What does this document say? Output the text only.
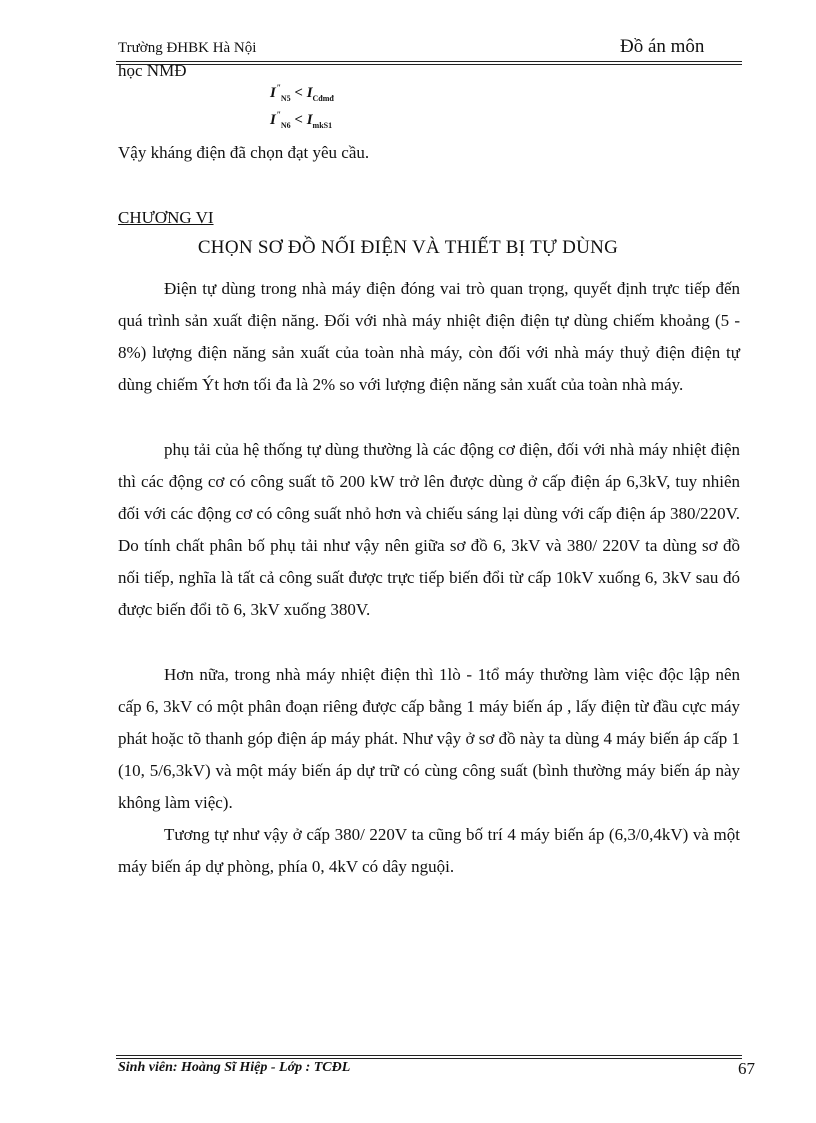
Trường ĐHBK Hà Nội	Đồ án môn
học NMĐ
$I^"_{N5} < I_{Cđmđ}$
$I^"_{N6} < I_{mkS1}$
Vậy kháng điện đã chọn đạt yêu cầu.
CHƯƠNG VI
CHỌN SƠ ĐỒ NỐI ĐIỆN VÀ THIẾT BỊ TỰ DÙNG

Điện tự dùng trong nhà máy điện đóng vai trò quan trọng, quyết định trực tiếp đến quá trình sản xuất điện năng. Đối với nhà máy nhiệt điện điện tự dùng chiếm khoảng (5 - 8%) lượng điện năng sản xuất của toàn nhà máy, còn đối với nhà máy thuỷ điện điện tự dùng chiếm Ýt hơn tối đa là 2% so với lượng điện năng sản xuất của toàn nhà máy.

phụ tải của hệ thống tự dùng thường là các động cơ điện, đối với nhà máy nhiệt điện thì các động cơ có công suất tõ 200 kW trở lên được dùng ở cấp điện áp 6,3kV, tuy nhiên đối với các động cơ có công suất nhỏ hơn và chiếu sáng lại dùng với cấp điện áp 380/220V. Do tính chất phân bố phụ tải như vậy nên giữa sơ đồ 6, 3kV và 380/ 220V ta dùng sơ đồ nối tiếp, nghĩa là tất cả công suất được trực tiếp biến đổi từ cấp 10kV xuống 6, 3kV sau đó được biến đổi tõ 6, 3kV xuống 380V.

Hơn nữa, trong nhà máy nhiệt điện thì 1lò - 1tổ máy thường làm việc độc lập nên cấp 6, 3kV có một phân đoạn riêng được cấp bằng 1 máy biến áp , lấy điện từ đầu cực máy phát hoặc tõ thanh góp điện áp máy phát. Như vậy ở sơ đồ này ta dùng 4 máy biến áp cấp 1 (10, 5/6,3kV) và một máy biến áp dự trữ có cùng công suất (bình thường máy biến áp này không làm việc).

Tương tự như vậy ở cấp 380/ 220V ta cũng bố trí 4 máy biến áp (6,3/0,4kV) và một máy biến áp dự phòng, phía 0, 4kV có dây nguội.

Sinh viên: Hoàng Sĩ Hiệp - Lớp : TCĐL	67
